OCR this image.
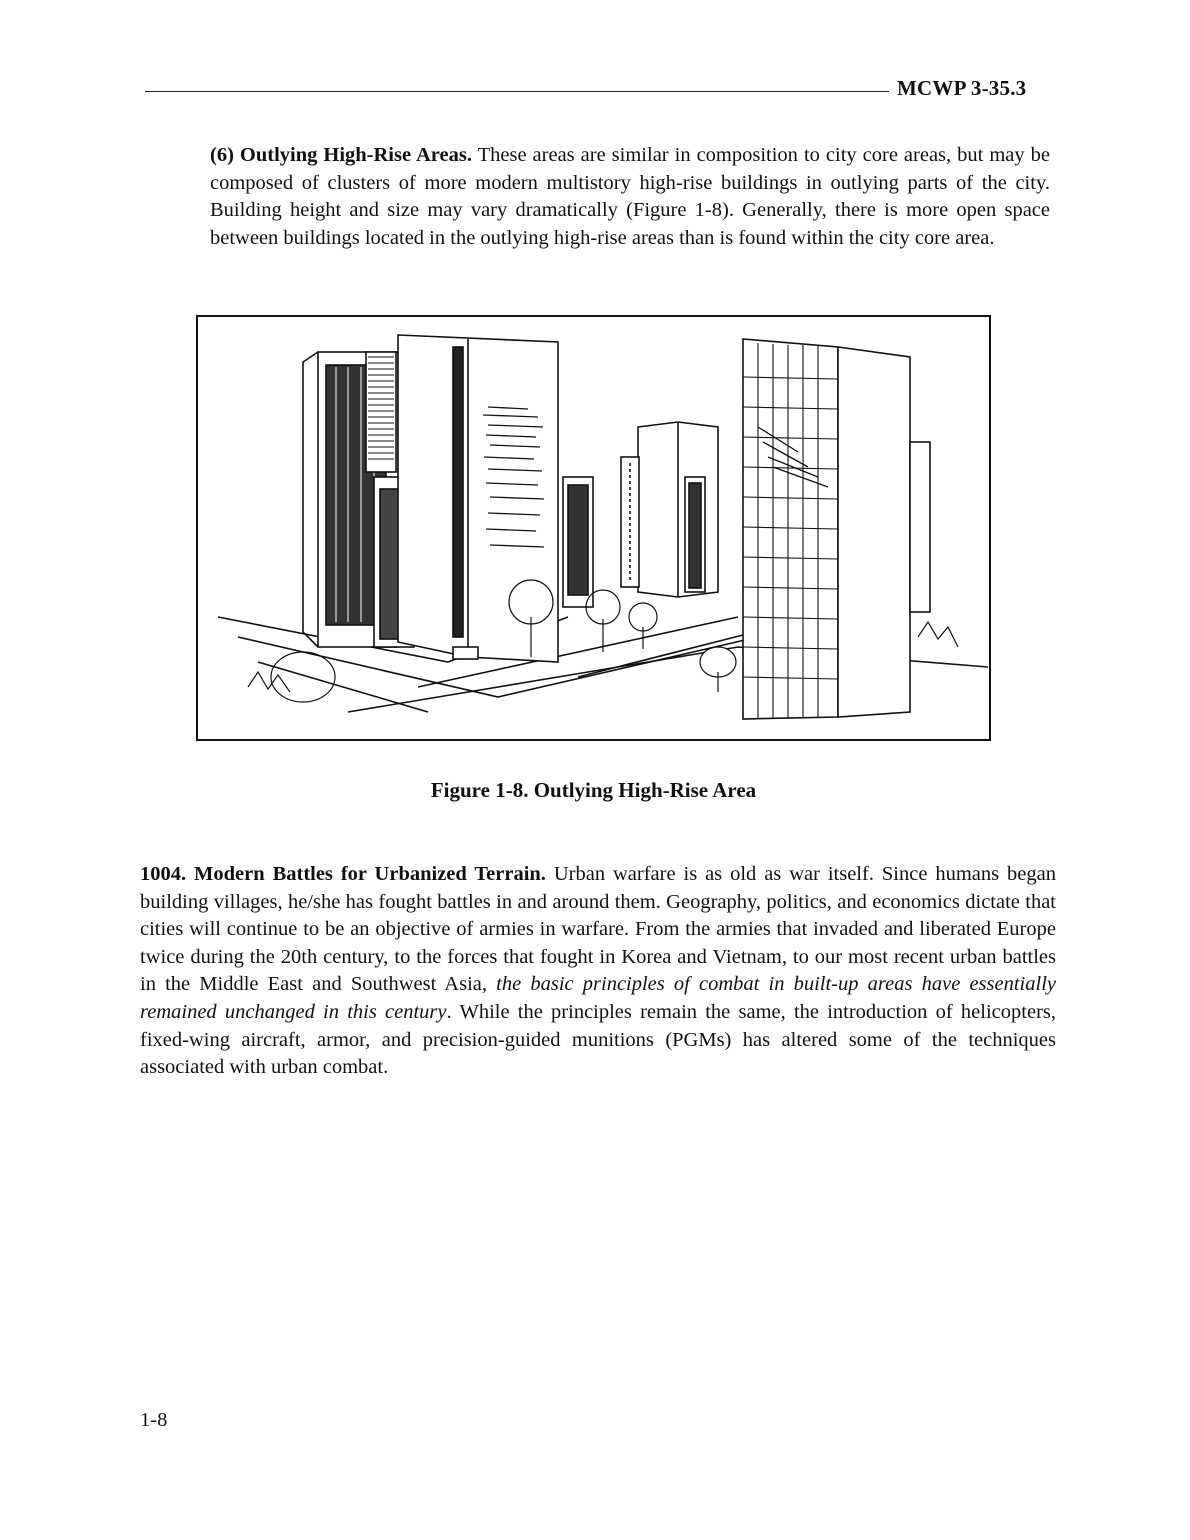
MCWP 3-35.3

(6) Outlying High-Rise Areas. These areas are similar in composition to city core areas, but may be composed of clusters of more modern multistory high-rise buildings in outlying parts of the city. Building height and size may vary dramatically (Figure 1-8). Generally, there is more open space between buildings located in the outlying high-rise areas than is found within the city core area.

Figure 1-8. Outlying High-Rise Area

1004. Modern Battles for Urbanized Terrain. Urban warfare is as old as war itself. Since humans began building villages, he/she has fought battles in and around them. Geography, politics, and economics dictate that cities will continue to be an objective of armies in warfare. From the armies that invaded and liberated Europe twice during the 20th century, to the forces that fought in Korea and Vietnam, to our most recent urban battles in the Middle East and Southwest Asia, the basic principles of combat in built-up areas have essentially remained unchanged in this century. While the principles remain the same, the introduction of helicopters, fixed-wing aircraft, armor, and precision-guided munitions (PGMs) has altered some of the techniques associated with urban combat.

1-8
